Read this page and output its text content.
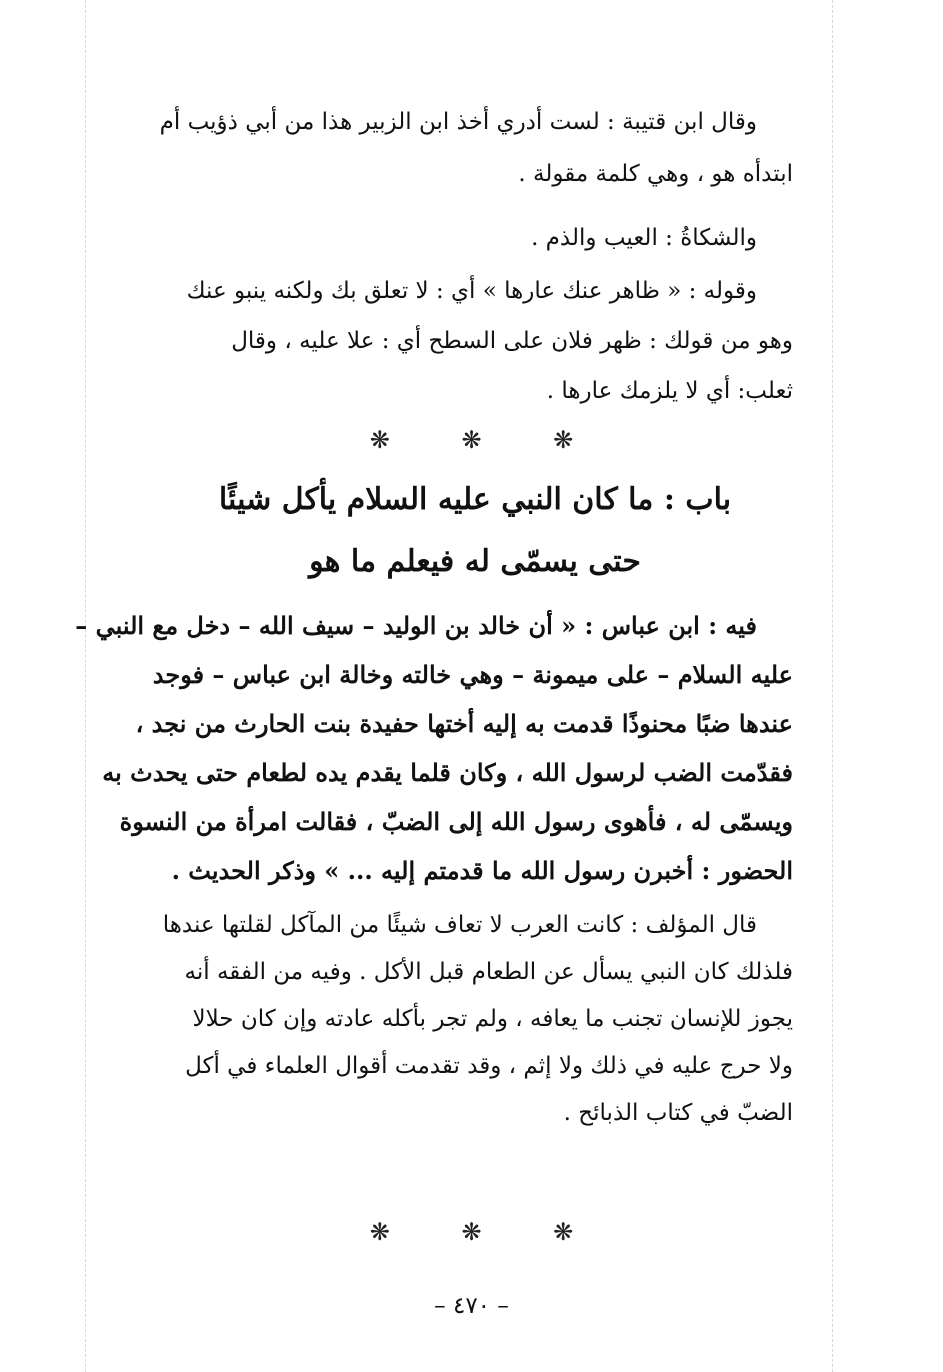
وقال ابن قتيبة : لست أدري أخذ ابن الزبير هذا من أبي ذؤيب أم
ابتدأه هو ، وهي كلمة مقولة .
والشكاةُ : العيب والذم .
وقوله : « ظاهر عنك عارها » أي : لا تعلق بك ولكنه ينبو عنك
وهو من قولك : ظهر فلان على السطح أي : علا عليه ، وقال
ثعلب: أي لا يلزمك عارها .
❋	❋	❋
باب : ما كان النبي عليه السلام يأكل شيئًا
حتى يسمّى له فيعلم ما هو
فيه : ابن عباس : « أن خالد بن الوليد – سيف الله – دخل مع النبي –
عليه السلام – على ميمونة – وهي خالته وخالة ابن عباس – فوجد
عندها ضبًا محنوذًا قدمت به إليه أختها حفيدة بنت الحارث من نجد ،
فقدّمت الضب لرسول الله ، وكان قلما يقدم يده لطعام حتى يحدث به
ويسمّى له ، فأهوى رسول الله إلى الضبّ ، فقالت امرأة من النسوة
الحضور : أخبرن رسول الله ما قدمتم إليه ... » وذكر الحديث .
قال المؤلف : كانت العرب لا تعاف شيئًا من المآكل لقلتها عندها
فلذلك كان النبي يسأل عن الطعام قبل الأكل . وفيه من الفقه أنه
يجوز للإنسان تجنب ما يعافه ، ولم تجر بأكله عادته وإن كان حلالا
ولا حرج عليه في ذلك ولا إثم ، وقد تقدمت أقوال العلماء في أكل
الضبّ في كتاب الذبائح .
❋	❋	❋
– ٤٧٠ –
